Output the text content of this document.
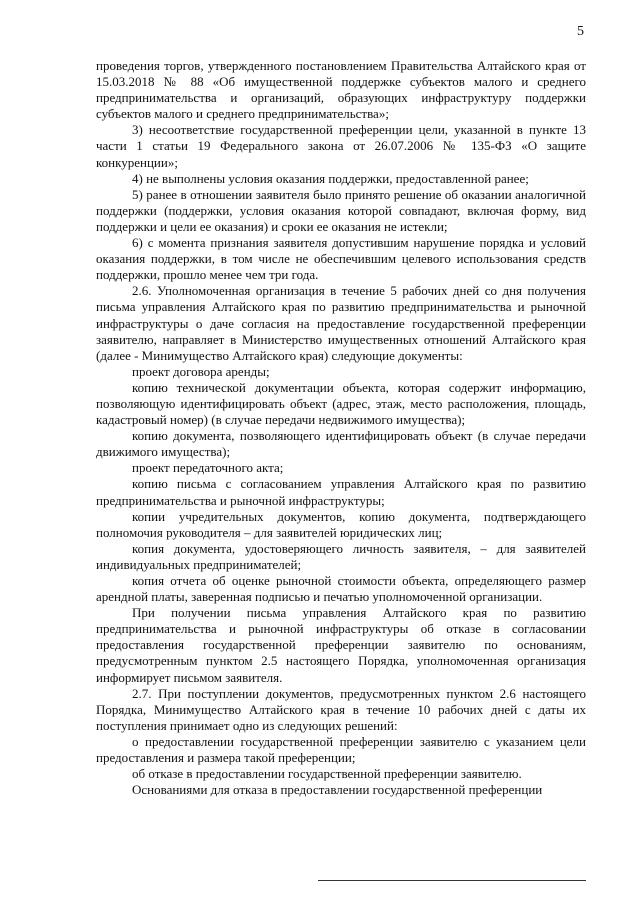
5

проведения торгов, утвержденного постановлением Правительства Алтайского края от 15.03.2018 № 88 «Об имущественной поддержке субъектов малого и среднего предпринимательства и организаций, образующих инфраструктуру поддержки субъектов малого и среднего предпринимательства»;

3) несоответствие государственной преференции цели, указанной в пункте 13 части 1 статьи 19 Федерального закона от 26.07.2006 № 135-ФЗ «О защите конкуренции»;

4) не выполнены условия оказания поддержки, предоставленной ранее;

5) ранее в отношении заявителя было принято решение об оказании аналогичной поддержки (поддержки, условия оказания которой совпадают, включая форму, вид поддержки и цели ее оказания) и сроки ее оказания не истекли;

6) с момента признания заявителя допустившим нарушение порядка и условий оказания поддержки, в том числе не обеспечившим целевого использования средств поддержки, прошло менее чем три года.

2.6. Уполномоченная организация в течение 5 рабочих дней со дня получения письма управления Алтайского края по развитию предпринимательства и рыночной инфраструктуры о даче согласия на предоставление государственной преференции заявителю, направляет в Министерство имущественных отношений Алтайского края (далее - Минимущество Алтайского края) следующие документы:

проект договора аренды;

копию технической документации объекта, которая содержит информацию, позволяющую идентифицировать объект (адрес, этаж, место расположения, площадь, кадастровый номер) (в случае передачи недвижимого имущества);

копию документа, позволяющего идентифицировать объект (в случае передачи движимого имущества);

проект передаточного акта;

копию письма с согласованием управления Алтайского края по развитию предпринимательства и рыночной инфраструктуры;

копии учредительных документов, копию документа, подтверждающего полномочия руководителя – для заявителей юридических лиц;

копия документа, удостоверяющего личность заявителя, – для заявителей индивидуальных предпринимателей;

копия отчета об оценке рыночной стоимости объекта, определяющего размер арендной платы, заверенная подписью и печатью уполномоченной организации.

При получении письма управления Алтайского края по развитию предпринимательства и рыночной инфраструктуры об отказе в согласовании предоставления государственной преференции заявителю по основаниям, предусмотренным пунктом 2.5 настоящего Порядка, уполномоченная организация информирует письмом заявителя.

2.7. При поступлении документов, предусмотренных пунктом 2.6 настоящего Порядка, Минимущество Алтайского края в течение 10 рабочих дней с даты их поступления принимает одно из следующих решений:

о предоставлении государственной преференции заявителю с указанием цели предоставления и размера такой преференции;

об отказе в предоставлении государственной преференции заявителю.

Основаниями для отказа в предоставлении государственной преференции
